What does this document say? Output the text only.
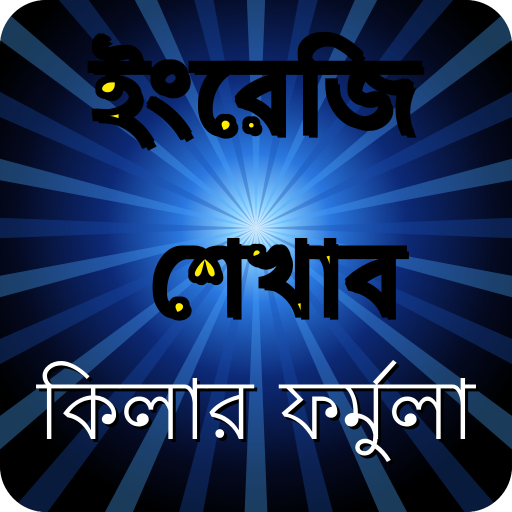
ইংরেজি
শেখাব
কিলার ফর্মুলা
